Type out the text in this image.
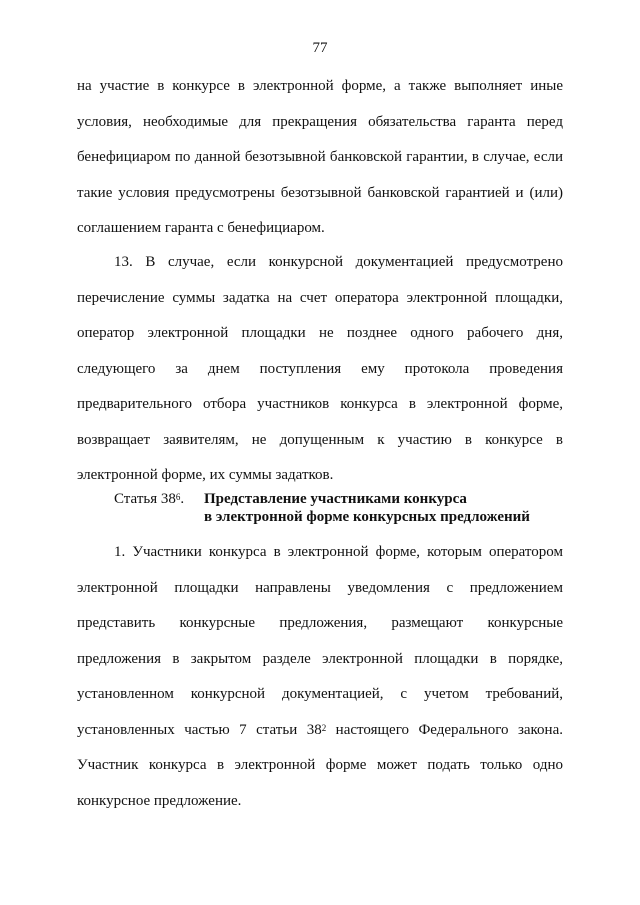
77
на участие в конкурсе в электронной форме, а также выполняет иные
условия, необходимые для прекращения обязательства гаранта перед
бенефициаром по данной безотзывной банковской гарантии, в случае, если
такие условия предусмотрены безотзывной банковской гарантией и (или)
соглашением гаранта с бенефициаром.
13. В случае, если конкурсной документацией предусмотрено
перечисление суммы задатка на счет оператора электронной площадки,
оператор электронной площадки не позднее одного рабочего дня,
следующего за днем поступления ему протокола проведения
предварительного отбора участников конкурса в электронной форме,
возвращает заявителям, не допущенным к участию в конкурсе в
электронной форме, их суммы задатков.
Статья $38^6$. Представление участниками конкурса
в электронной форме конкурсных предложений
1. Участники конкурса в электронной форме, которым оператором
электронной площадки направлены уведомления с предложением
представить конкурсные предложения, размещают конкурсные
предложения в закрытом разделе электронной площадки в порядке,
установленном конкурсной документацией, с учетом требований,
установленных частью 7 статьи $38^2$ настоящего Федерального закона.
Участник конкурса в электронной форме может подать только одно
конкурсное предложение.
